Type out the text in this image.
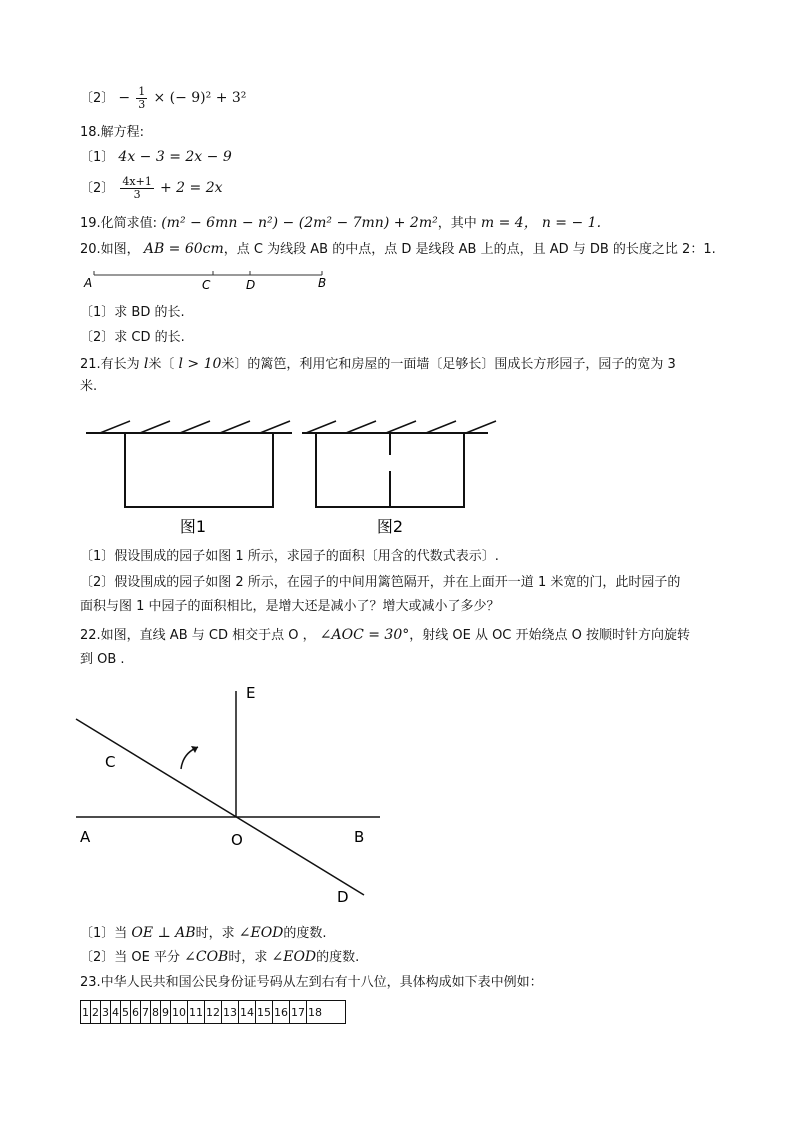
〔2〕 − $\frac{1}{3}$ × (− 9)² + 3²
18.解方程:
〔1〕 4x − 3 = 2x − 9
〔2〕 $\frac{4x+1}{3} + 2 = 2x$
19.化简求值: (m² − 6mn − n²) − (2m² − 7mn) + 2m²，其中 m = 4， n = − 1.
20.如图， AB = 60cm，点 C 为线段 AB 的中点，点 D 是线段 AB 上的点，且 AD 与 DB 的长度之比 2：1.
A	C	D	B
〔1〕求 BD 的长.
〔2〕求 CD 的长.
21.有长为 l米〔 l > 10米〕的篱笆，利用它和房屋的一面墙〔足够长〕围成长方形园子，园子的宽为 3
米.
图1	图2
〔1〕假设围成的园子如图 1 所示，求园子的面积〔用含的代数式表示〕.
〔2〕假设围成的园子如图 2 所示，在园子的中间用篱笆隔开，并在上面开一道 1 米宽的门，此时园子的
面积与图 1 中园子的面积相比，是增大还是减小了？增大或减小了多少？
22.如图，直线 AB 与 CD 相交于点 O ， ∠AOC = 30°，射线 OE 从 OC 开始绕点 O 按顺时针方向旋转
到 OB .
E
C
A	O	B
D
〔1〕当 OE ⊥ AB时，求 ∠EOD的度数.
〔2〕当 OE 平分 ∠COB时，求 ∠EOD的度数.
23.中华人民共和国公民身份证号码从左到右有十八位，具体构成如下表中例如：
1	2	3	4	5	6	7	8	9	10	11	12	13	14	15	16	17	18
